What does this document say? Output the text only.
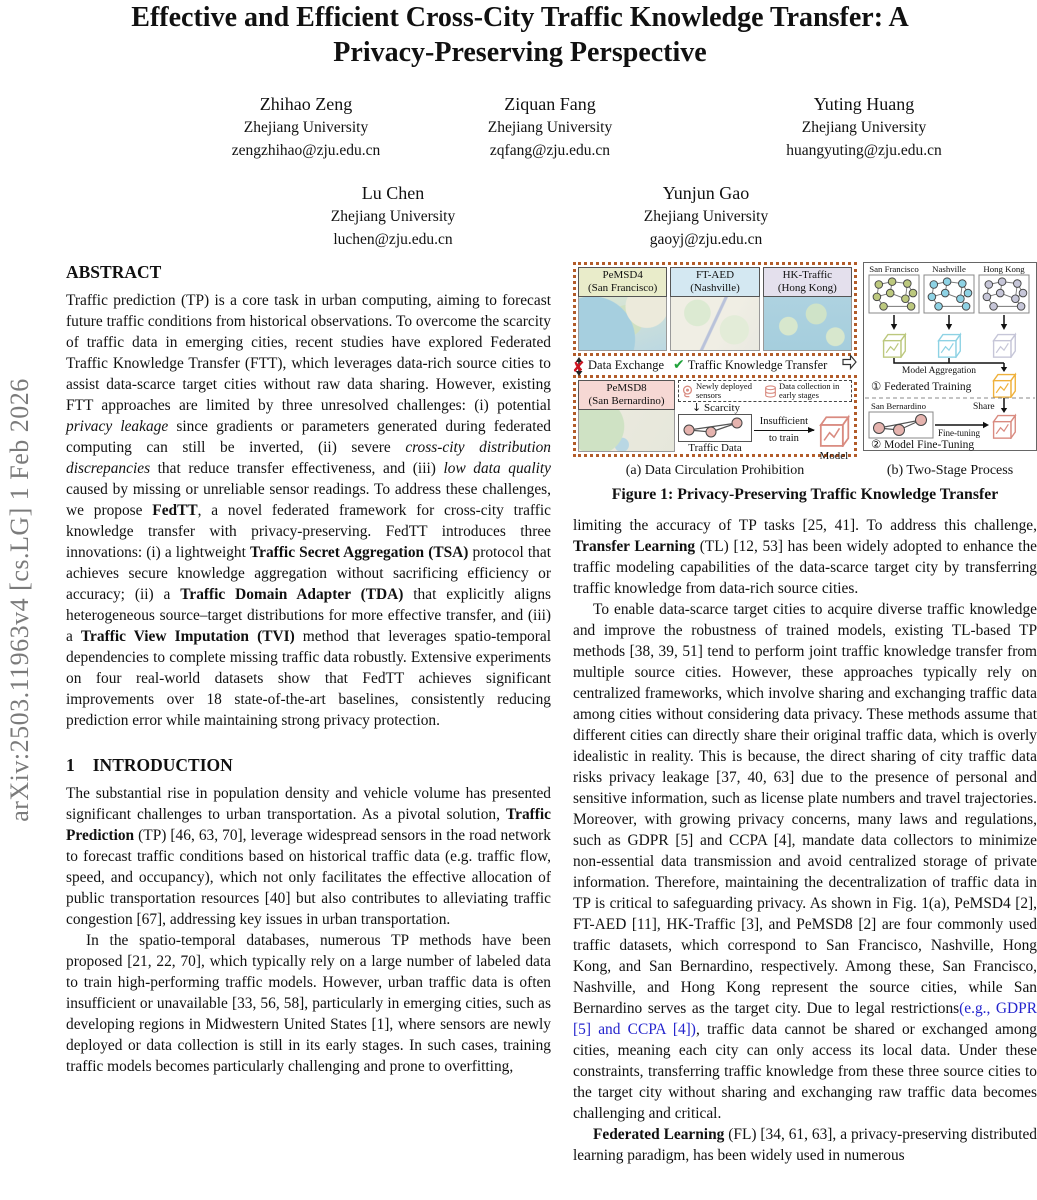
arXiv:2503.11963v4 [cs.LG] 1 Feb 2026
Effective and Efficient Cross-City Traffic Knowledge Transfer: A
Privacy-Preserving Perspective
Zhihao Zeng
Zhejiang University
zengzhihao@zju.edu.cn
Ziquan Fang
Zhejiang University
zqfang@zju.edu.cn
Yuting Huang
Zhejiang University
huangyuting@zju.edu.cn
Lu Chen
Zhejiang University
luchen@zju.edu.cn
Yunjun Gao
Zhejiang University
gaoyj@zju.edu.cn
ABSTRACT

Traffic prediction (TP) is a core task in urban computing, aiming to forecast future traffic conditions from historical observations. To overcome the scarcity of traffic data in emerging cities, recent studies have explored Federated Traffic Knowledge Transfer (FTT), which leverages data-rich source cities to assist data-scarce target cities without raw data sharing. However, existing FTT approaches are limited by three unresolved challenges: (i) potential privacy leakage since gradients or parameters generated during federated computing can still be inverted, (ii) severe cross-city distribution discrepancies that reduce transfer effectiveness, and (iii) low data quality caused by missing or unreliable sensor readings. To address these challenges, we propose FedTT, a novel federated framework for cross-city traffic knowledge transfer with privacy-preserving. FedTT introduces three innovations: (i) a lightweight Traffic Secret Aggregation (TSA) protocol that achieves secure knowledge aggregation without sacrificing efficiency or accuracy; (ii) a Traffic Domain Adapter (TDA) that explicitly aligns heterogeneous source–target distributions for more effective transfer, and (iii) a Traffic View Imputation (TVI) method that leverages spatio-temporal dependencies to complete missing traffic data robustly. Extensive experiments on four real-world datasets show that FedTT achieves significant improvements over 18 state-of-the-art baselines, consistently reducing prediction error while maintaining strong privacy protection.

1 INTRODUCTION

The substantial rise in population density and vehicle volume has presented significant challenges to urban transportation. As a pivotal solution, Traffic Prediction (TP) [46, 63, 70], leverage widespread sensors in the road network to forecast traffic conditions based on historical traffic data (e.g. traffic flow, speed, and occupancy), which not only facilitates the effective allocation of public transportation resources [40] but also contributes to alleviating traffic congestion [67], addressing key issues in urban transportation.

In the spatio-temporal databases, numerous TP methods have been proposed [21, 22, 70], which typically rely on a large number of labeled data to train high-performing traffic models. However, urban traffic data is often insufficient or unavailable [33, 56, 58], particularly in emerging cities, such as developing regions in Midwestern United States [1], where sensors are newly deployed or data collection is still in its early stages. In such cases, training traffic models becomes particularly challenging and prone to overfitting,

PeMSD4
(San Francisco)
FT-AED
(Nashville)
HK-Traffic
(Hong Kong)
✘ Data Exchange ✔ Traffic Knowledge Transfer
PeMSD8
(San Bernardino)
Newly deployed sensors
Data collection in early stages
↓ Scarcity
Traffic Data
Insufficient
to train
Model
San Francisco Nashville Hong Kong
Model Aggregation
① Federated Training
San Bernardino	Share
Fine-tuning
② Model Fine-Tuning
(a) Data Circulation Prohibition	(b) Two-Stage Process
Figure 1: Privacy-Preserving Traffic Knowledge Transfer

limiting the accuracy of TP tasks [25, 41]. To address this challenge, Transfer Learning (TL) [12, 53] has been widely adopted to enhance the traffic modeling capabilities of the data-scarce target city by transferring traffic knowledge from data-rich source cities.

To enable data-scarce target cities to acquire diverse traffic knowledge and improve the robustness of trained models, existing TL-based TP methods [38, 39, 51] tend to perform joint traffic knowledge transfer from multiple source cities. However, these approaches typically rely on centralized frameworks, which involve sharing and exchanging traffic data among cities without considering data privacy. These methods assume that different cities can directly share their original traffic data, which is overly idealistic in reality. This is because, the direct sharing of city traffic data risks privacy leakage [37, 40, 63] due to the presence of personal and sensitive information, such as license plate numbers and travel trajectories. Moreover, with growing privacy concerns, many laws and regulations, such as GDPR [5] and CCPA [4], mandate data collectors to minimize non-essential data transmission and avoid centralized storage of private information. Therefore, maintaining the decentralization of traffic data in TP is critical to safeguarding privacy. As shown in Fig. 1(a), PeMSD4 [2], FT-AED [11], HK-Traffic [3], and PeMSD8 [2] are four commonly used traffic datasets, which correspond to San Francisco, Nashville, Hong Kong, and San Bernardino, respectively. Among these, San Francisco, Nashville, and Hong Kong represent the source cities, while San Bernardino serves as the target city. Due to legal restrictions(e.g., GDPR [5] and CCPA [4]), traffic data cannot be shared or exchanged among cities, meaning each city can only access its local data. Under these constraints, transferring traffic knowledge from these three source cities to the target city without sharing and exchanging raw traffic data becomes challenging and critical.

Federated Learning (FL) [34, 61, 63], a privacy-preserving distributed learning paradigm, has been widely used in numerous
